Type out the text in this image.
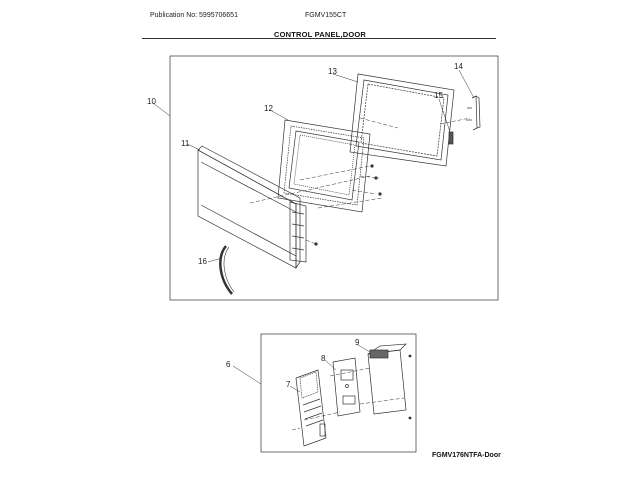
Publication No: 5995706651	FGMV155CT
CONTROL PANEL,DOOR
10
11
12
13
14
15
16
6
7
8
9
FGMV176NTFA-Door
